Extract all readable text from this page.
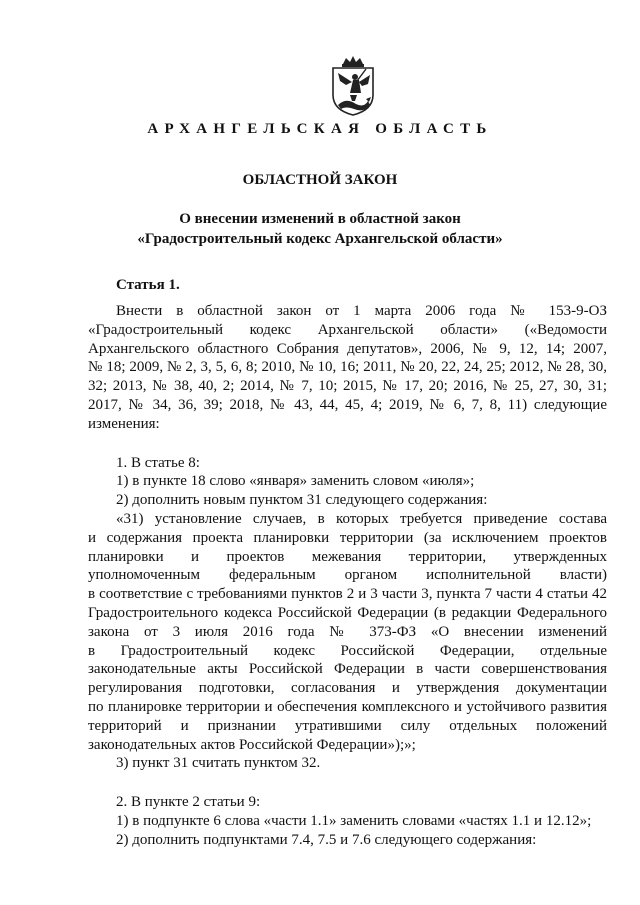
АРХАНГЕЛЬСКАЯ ОБЛАСТЬ
ОБЛАСТНОЙ ЗАКОН
О внесении изменений в областной закон
«Градостроительный кодекс Архангельской области»
Статья 1.

Внести в областной закон от 1 марта 2006 года № 153-9-ОЗ

«Градостроительный кодекс Архангельской области» («Ведомости

Архангельского областного Собрания депутатов», 2006, № 9, 12, 14; 2007,

№ 18; 2009, № 2, 3, 5, 6, 8; 2010, № 10, 16; 2011, № 20, 22, 24, 25; 2012, № 28, 30,

32; 2013, № 38, 40, 2; 2014, № 7, 10; 2015, № 17, 20; 2016, № 25, 27, 30, 31;

2017, № 34, 36, 39; 2018, № 43, 44, 45, 4; 2019, № 6, 7, 8, 11) следующие

изменения:

1. В статье 8:

1) в пункте 18 слово «января» заменить словом «июля»;

2) дополнить новым пунктом 31 следующего содержания:

«31) установление случаев, в которых требуется приведение состава

и содержания проекта планировки территории (за исключением проектов

планировки и проектов межевания территории, утвержденных

уполномоченным федеральным органом исполнительной власти)

в соответствие с требованиями пунктов 2 и 3 части 3, пункта 7 части 4 статьи 42

Градостроительного кодекса Российской Федерации (в редакции Федерального

закона от 3 июля 2016 года № 373-ФЗ «О внесении изменений

в Градостроительный кодекс Российской Федерации, отдельные

законодательные акты Российской Федерации в части совершенствования

регулирования подготовки, согласования и утверждения документации

по планировке территории и обеспечения комплексного и устойчивого развития

территорий и признании утратившими силу отдельных положений

законодательных актов Российской Федерации»);»;

3) пункт 31 считать пунктом 32.

2. В пункте 2 статьи 9:

1) в подпункте 6 слова «части 1.1» заменить словами «частях 1.1 и 12.12»;

2) дополнить подпунктами 7.4, 7.5 и 7.6 следующего содержания:
